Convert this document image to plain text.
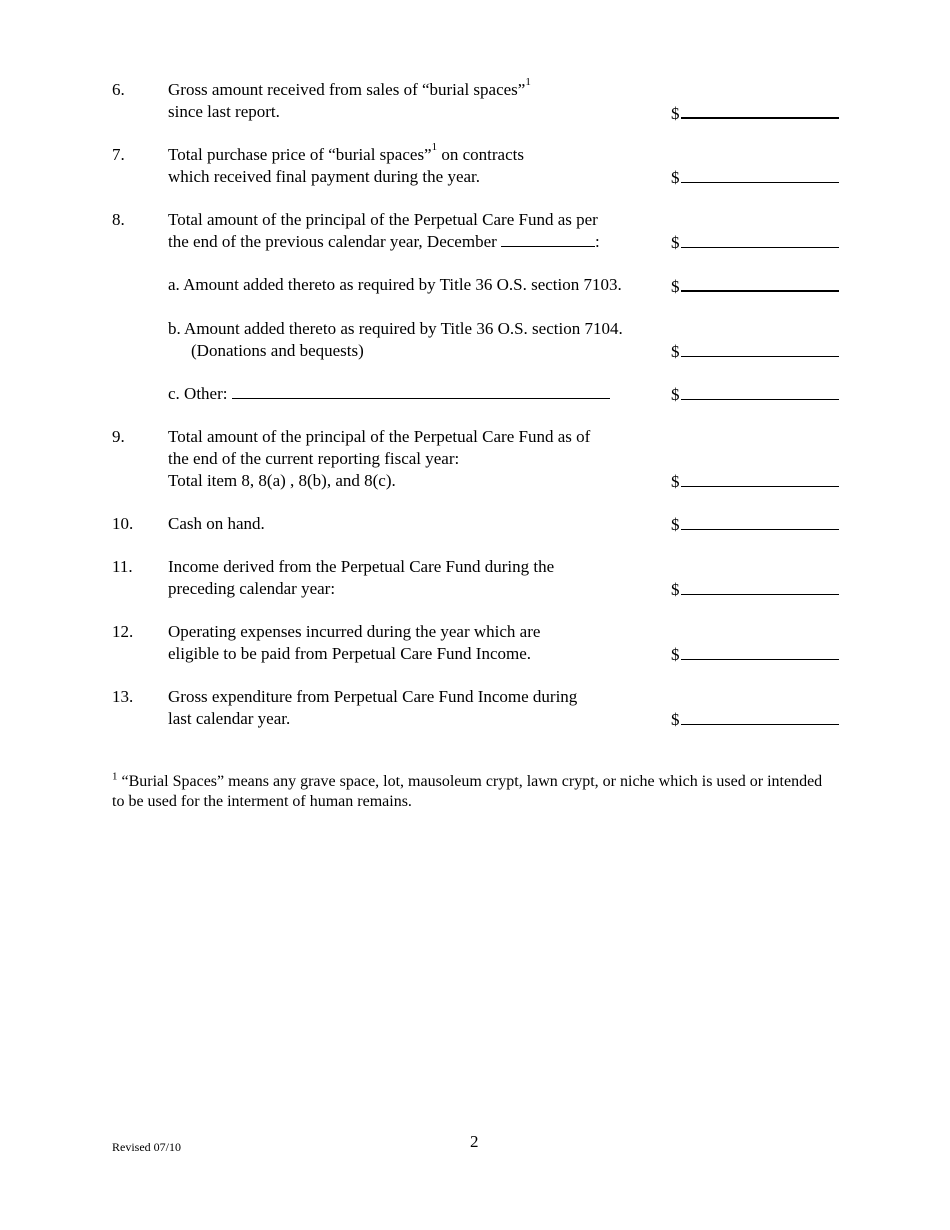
6.	Gross amount received from sales of “burial spaces”$^1$
since last report.	$
7.	Total purchase price of “burial spaces”$^1$ on contracts
which received final payment during the year.	$
8.	Total amount of the principal of the Perpetual Care Fund as per
the end of the previous calendar year, December	:	$
a. Amount added thereto as required by Title 36 O.S. section 7103.	$
b. Amount added thereto as required by Title 36 O.S. section 7104.
(Donations and bequests)	$
c. Other:	$
9.	Total amount of the principal of the Perpetual Care Fund as of
the end of the current reporting fiscal year:
Total item 8, 8(a) , 8(b), and 8(c).	$
10. Cash on hand.	$
11. Income derived from the Perpetual Care Fund during the
preceding calendar year:	$
12. Operating expenses incurred during the year which are
eligible to be paid from Perpetual Care Fund Income.	$
13. Gross expenditure from Perpetual Care Fund Income during
last calendar year.	$
$^1$ “Burial Spaces” means any grave space, lot, mausoleum crypt, lawn crypt, or niche which is used or intended to be used for the interment of human remains.
Revised 07/10	2
